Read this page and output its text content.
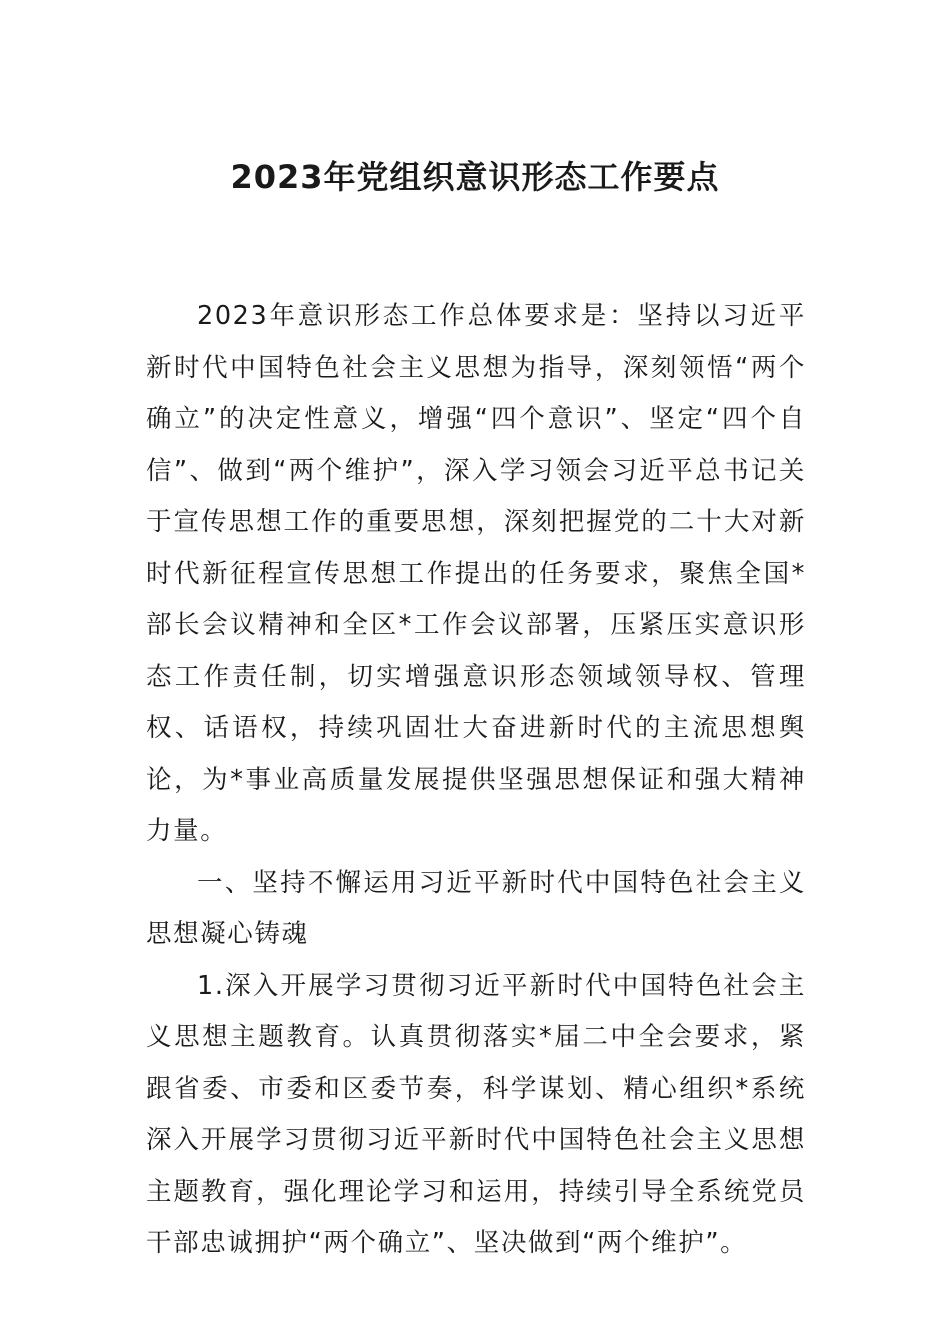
2023年党组织意识形态工作要点

2023年意识形态工作总体要求是：坚持以习近平新时代中国特色社会主义思想为指导，深刻领悟“两个确立”的决定性意义，增强“四个意识”、坚定“四个自信”、做到“两个维护”，深入学习领会习近平总书记关于宣传思想工作的重要思想，深刻把握党的二十大对新时代新征程宣传思想工作提出的任务要求，聚焦全国*部长会议精神和全区*工作会议部署，压紧压实意识形态工作责任制，切实增强意识形态领域领导权、管理权、话语权，持续巩固壮大奋进新时代的主流思想舆论，为*事业高质量发展提供坚强思想保证和强大精神力量。

一、坚持不懈运用习近平新时代中国特色社会主义思想凝心铸魂

1.深入开展学习贯彻习近平新时代中国特色社会主义思想主题教育。认真贯彻落实*届二中全会要求，紧跟省委、市委和区委节奏，科学谋划、精心组织*系统深入开展学习贯彻习近平新时代中国特色社会主义思想主题教育，强化理论学习和运用，持续引导全系统党员干部忠诚拥护“两个确立”、坚决做到“两个维护”。
